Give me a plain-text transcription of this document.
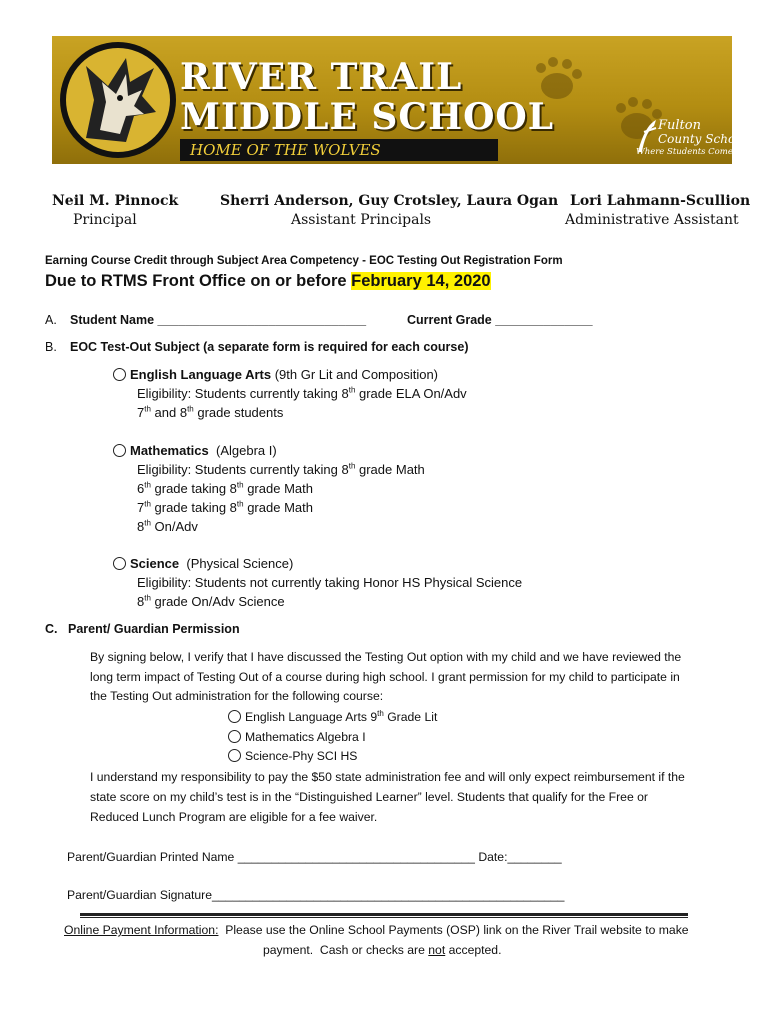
RIVER TRAIL
MIDDLE SCHOOL
HOME OF THE WOLVES
Fulton
County Schools
Where Students Come First
Neil M. Pinnock
Principal
Sherri Anderson, Guy Crotsley, Laura Ogan
Assistant Principals
Lori Lahmann-Scullion
Administrative Assistant
Earning Course Credit through Subject Area Competency - EOC Testing Out Registration Form
Due to RTMS Front Office on or before February 14, 2020
A. Student Name ______________________________	Current Grade ______________
B. EOC Test-Out Subject (a separate form is required for each course)
English Language Arts (9th Gr Lit and Composition)
Eligibility: Students currently taking 8th grade ELA On/Adv
7th and 8th grade students
Mathematics (Algebra I)
Eligibility: Students currently taking 8th grade Math
6th grade taking 8th grade Math
7th grade taking 8th grade Math
8th On/Adv
Science (Physical Science)
Eligibility: Students not currently taking Honor HS Physical Science
8th grade On/Adv Science
C. Parent/ Guardian Permission
By signing below, I verify that I have discussed the Testing Out option with my child and we have reviewed the
long term impact of Testing Out of a course during high school. I grant permission for my child to participate in
the Testing Out administration for the following course:
English Language Arts 9th Grade Lit
Mathematics Algebra I
Science-Phy SCI HS
I understand my responsibility to pay the $50 state administration fee and will only expect reimbursement if the
state score on my child’s test is in the “Distinguished Learner” level. Students that qualify for the Free or
Reduced Lunch Program are eligible for a fee waiver.
Parent/Guardian Printed Name ___________________________________ Date:________
Parent/Guardian Signature____________________________________________________
Online Payment Information:  Please use the Online School Payments (OSP) link on the River Trail website to make
payment.  Cash or checks are not accepted.
